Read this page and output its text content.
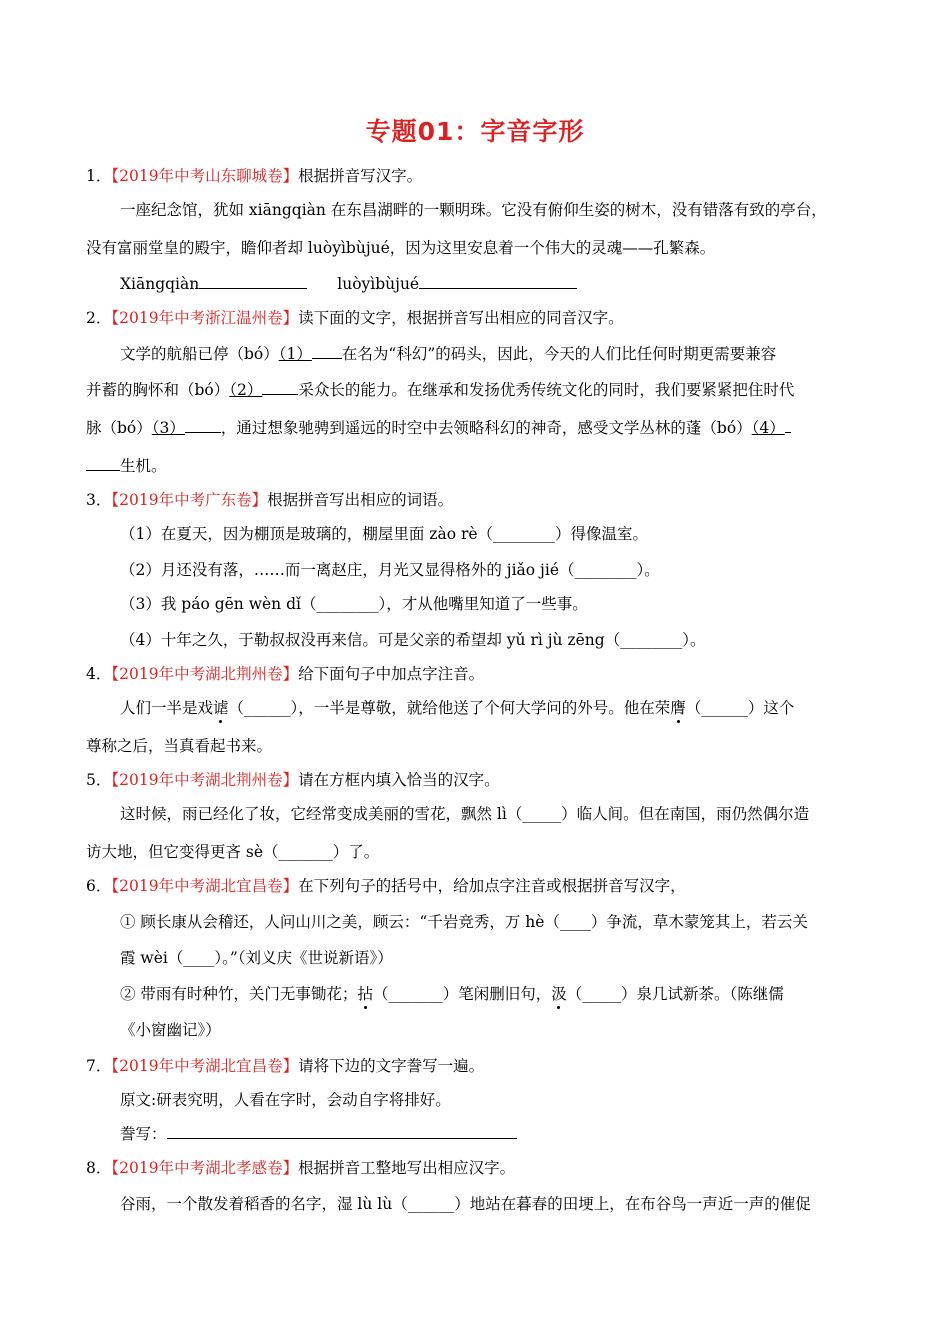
专题01：字音字形
1．【2019年中考山东聊城卷】根据拼音写汉字。
一座纪念馆，犹如 xiāngqiàn 在东昌湖畔的一颗明珠。它没有俯仰生姿的树木，没有错落有致的亭台，
没有富丽堂皇的殿宇，瞻仰者却 luòyìbùjué，因为这里安息着一个伟大的灵魂——孔繁森。
Xiāngqiàn	luòyìbùjué
2．【2019年中考浙江温州卷】读下面的文字，根据拼音写出相应的同音汉字。
文学的航船已停（bó）（1） 在名为“科幻”的码头，因此，今天的人们比任何时期更需要兼容
并蓄的胸怀和（bó）（2） 采众长的能力。在继承和发扬优秀传统文化的同时，我们要紧紧把住时代
脉（bó）（3） ，通过想象驰骋到遥远的时空中去领略科幻的神奇，感受文学丛林的蓬（bó）（4）
生机。
3．【2019年中考广东卷】根据拼音写出相应的词语。
（1）在夏天，因为棚顶是玻璃的，棚屋里面 zào rè（________）得像温室。
（2）月还没有落，……而一离赵庄，月光又显得格外的 jiǎo jié（________）。
（3）我 páo gēn wèn dǐ（________），才从他嘴里知道了一些事。
（4）十年之久，于勒叔叔没再来信。可是父亲的希望却 yǔ rì jù zēng（________）。
4．【2019年中考湖北荆州卷】给下面句子中加点字注音。
人们一半是戏谑（______），一半是尊敬，就给他送了个何大学问的外号。他在荣膺（______）这个
尊称之后，当真看起书来。
5．【2019年中考湖北荆州卷】请在方框内填入恰当的汉字。
这时候，雨已经化了妆，它经常变成美丽的雪花，飘然 lì（_____）临人间。但在南国，雨仍然偶尔造
访大地，但它变得更吝 sè（_______）了。
6．【2019年中考湖北宜昌卷】在下列句子的括号中，给加点字注音或根据拼音写汉字，
① 顾长康从会稽还，人问山川之美，顾云：“千岩竞秀，万 hè（____）争流，草木蒙笼其上，若云关
霞 wèi（____）。”（刘义庆《世说新语》）
② 带雨有时种竹，关门无事锄花；拈（_______）笔闲删旧句，汲（_____）泉几试新茶。（陈继儒
《小窗幽记》）
7．【2019年中考湖北宜昌卷】请将下边的文字誊写一遍。
原文:研表究明，人看在字时，会动自字将排好。
誊写：
8．【2019年中考湖北孝感卷】根据拼音工整地写出相应汉字。
谷雨，一个散发着稻香的名字，湿 lù lù（______）地站在暮春的田埂上，在布谷鸟一声近一声的催促
